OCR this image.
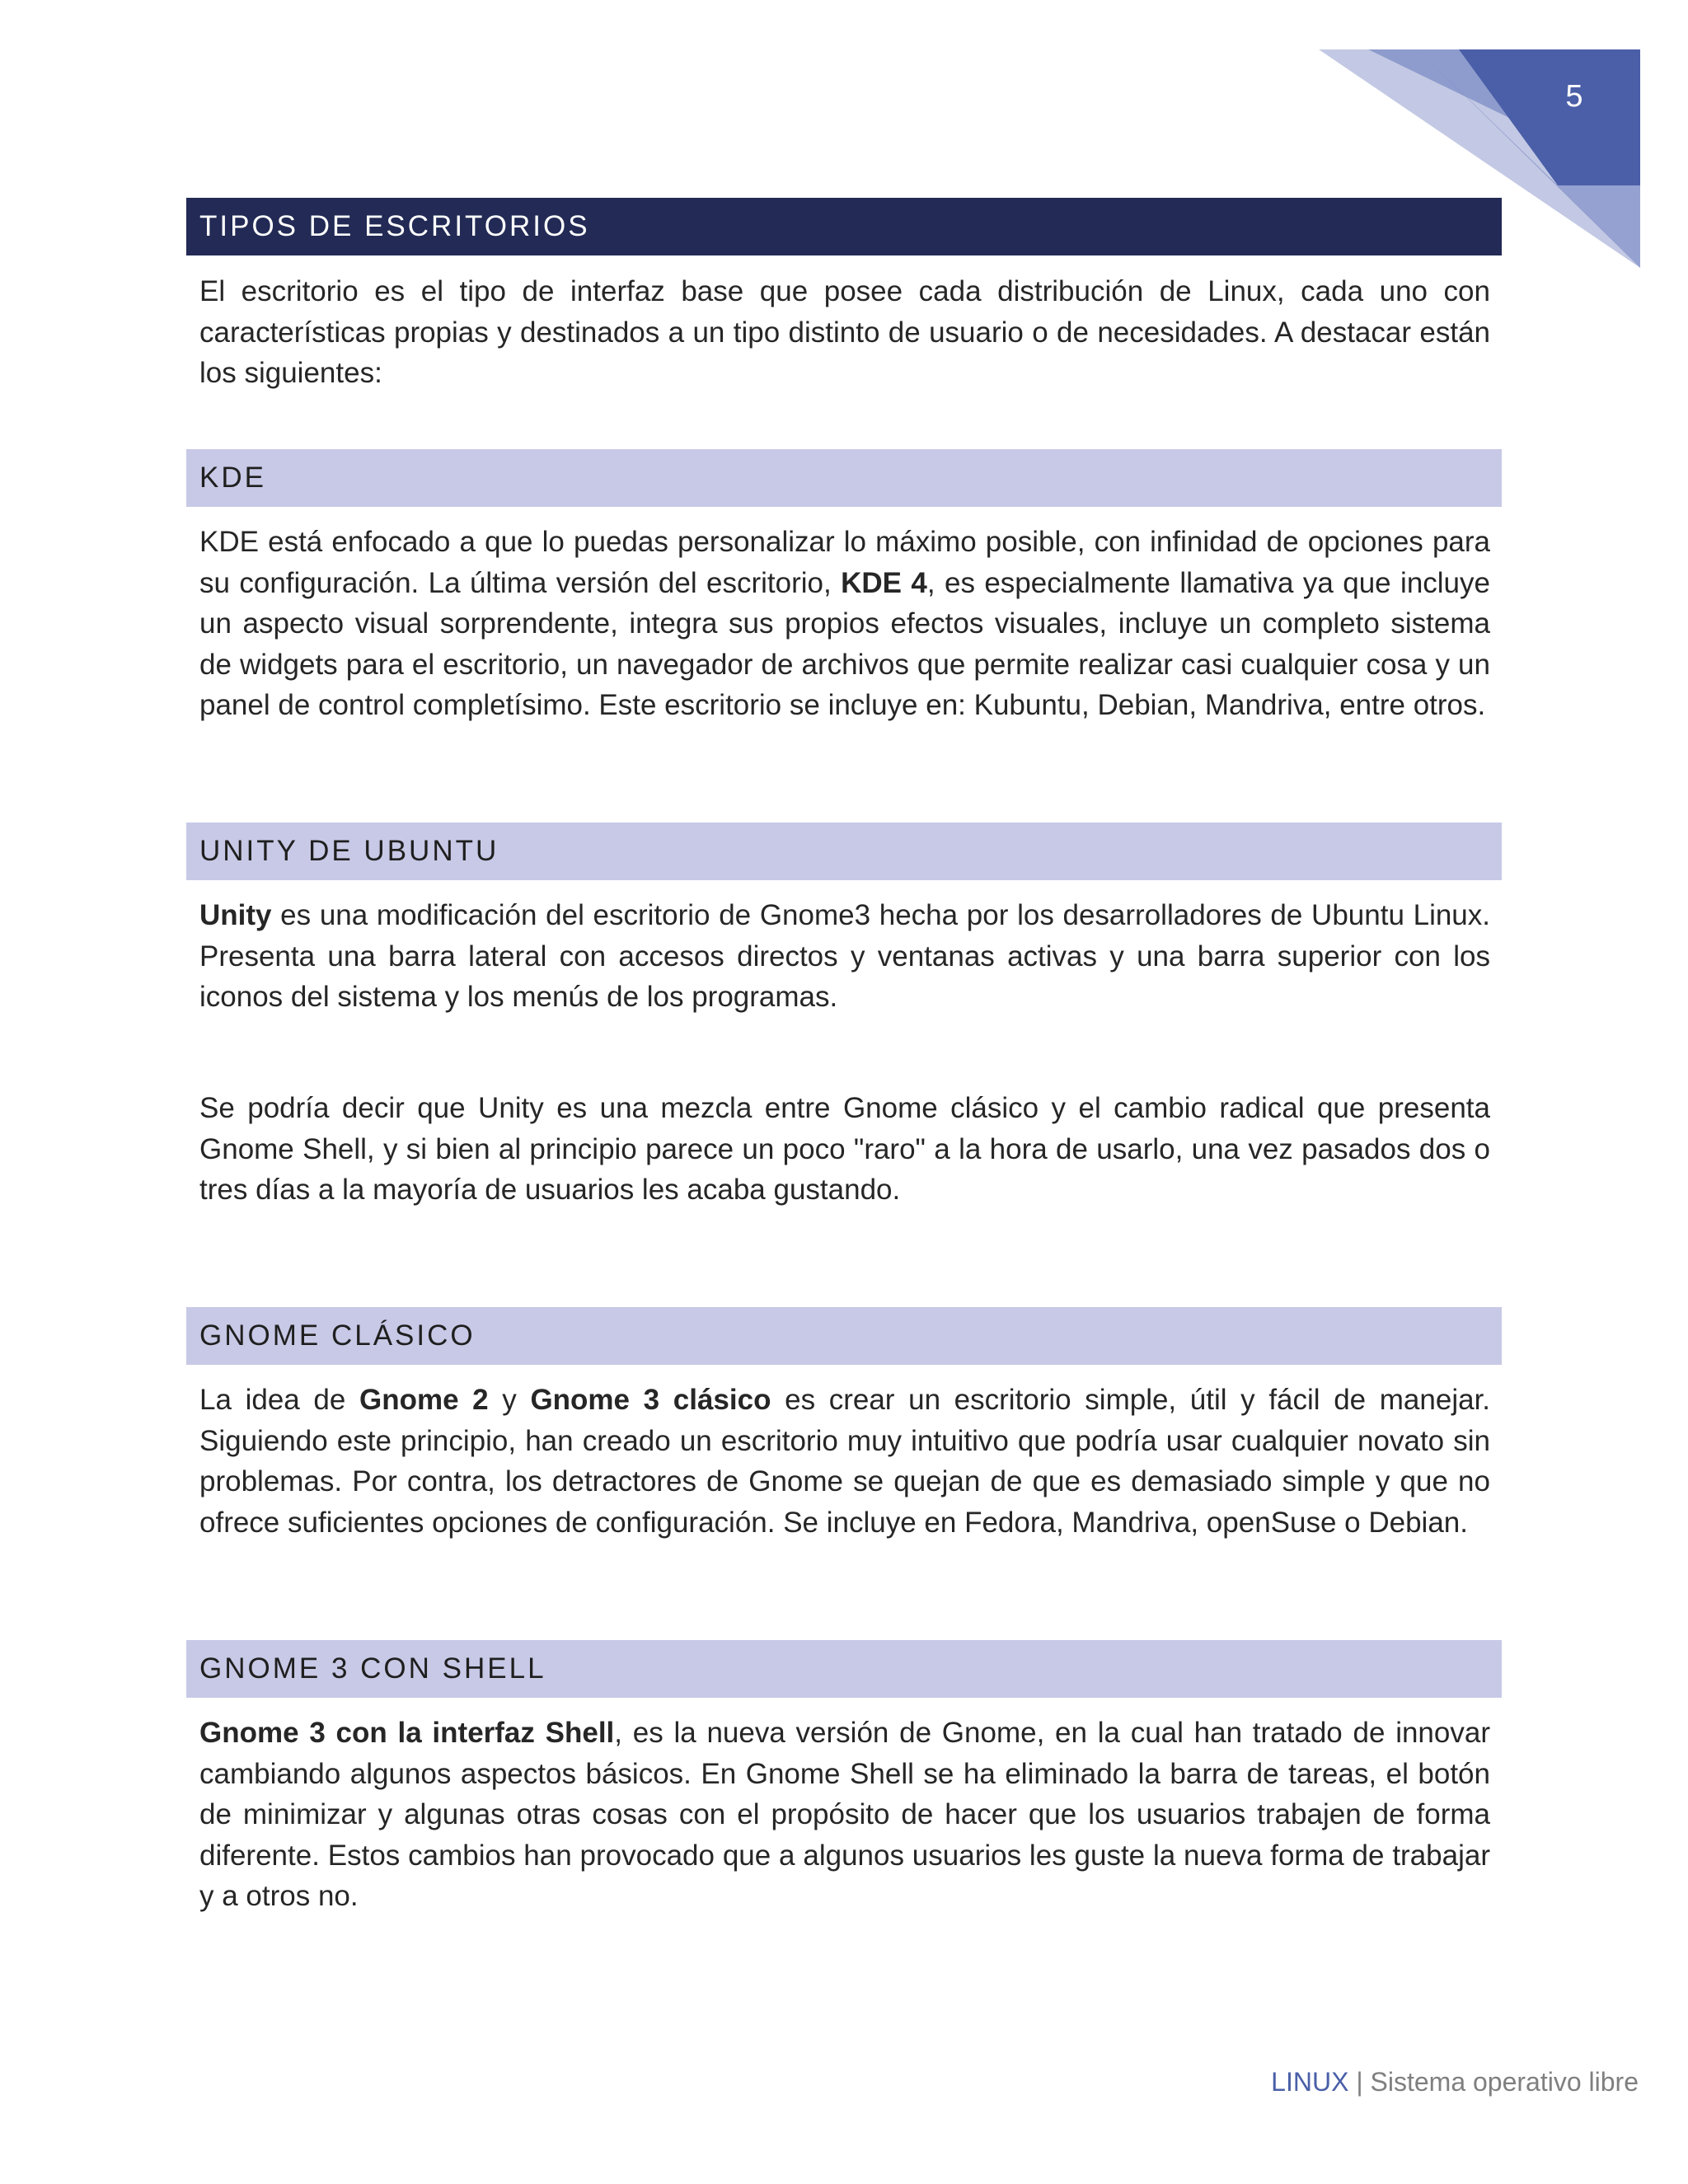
5
TIPOS DE ESCRITORIOS

El escritorio es el tipo de interfaz base que posee cada distribución de Linux, cada uno con características propias y destinados a un tipo distinto de usuario o de necesidades. A destacar están los siguientes:

KDE

KDE está enfocado a que lo puedas personalizar lo máximo posible, con infinidad de opciones para su configuración. La última versión del escritorio, KDE 4, es especialmente llamativa ya que incluye un aspecto visual sorprendente, integra sus propios efectos visuales, incluye un completo sistema de widgets para el escritorio, un navegador de archivos que permite realizar casi cualquier cosa y un panel de control completísimo. Este escritorio se incluye en: Kubuntu, Debian, Mandriva, entre otros.

UNITY DE UBUNTU

Unity es una modificación del escritorio de Gnome3 hecha por los desarrolladores de Ubuntu Linux. Presenta una barra lateral con accesos directos y ventanas activas y una barra superior con los iconos del sistema y los menús de los programas.

Se podría decir que Unity es una mezcla entre Gnome clásico y el cambio radical que presenta Gnome Shell, y si bien al principio parece un poco "raro" a la hora de usarlo, una vez pasados dos o tres días a la mayoría de usuarios les acaba gustando.

GNOME CLÁSICO

La idea de Gnome 2 y Gnome 3 clásico es crear un escritorio simple, útil y fácil de manejar. Siguiendo este principio, han creado un escritorio muy intuitivo que podría usar cualquier novato sin problemas. Por contra, los detractores de Gnome se quejan de que es demasiado simple y que no ofrece suficientes opciones de configuración. Se incluye en Fedora, Mandriva, openSuse o Debian.

GNOME 3 CON SHELL

Gnome 3 con la interfaz Shell, es la nueva versión de Gnome, en la cual han tratado de innovar cambiando algunos aspectos básicos. En Gnome Shell se ha eliminado la barra de tareas, el botón de minimizar y algunas otras cosas con el propósito de hacer que los usuarios trabajen de forma diferente. Estos cambios han provocado que a algunos usuarios les guste la nueva forma de trabajar y a otros no.

LINUX | Sistema operativo libre
